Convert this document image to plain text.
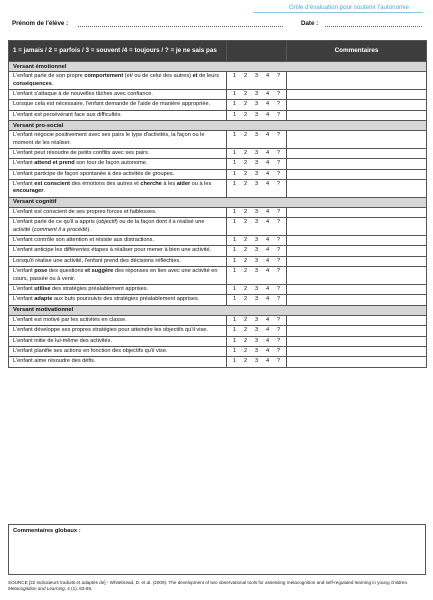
Grille d'évaluation pour soutenir l'autonomie
Prénom de l'élève :	Date :
1 = jamais / 2 = parfois / 3 = souvent /4 = toujours / ? = je ne sais pas		Commentaires
Versant émotionnel		
L'enfant parle de son propre comportement (et/ ou de celui des autres) et de leurs conséquences.	1 2 3 4 ?	

L'enfant s'attaque à de nouvelles tâches avec confiance.	1 2 3 4 ?	

Lorsque cela est nécessaire, l'enfant demande de l'aide de manière appropriée.	1 2 3 4 ?	

L'enfant est persévérant face aux difficultés.	1 2 3 4 ?	

Versant pro-social		
L'enfant négocie positivement avec ses pairs le type d'activités, la façon ou le moment de les réaliser.	1 2 3 4 ?	

L'enfant peut résoudre de petits conflits avec ses pairs.	1 2 3 4 ?	

L'enfant attend et prend son tour de façon autonome.	1 2 3 4 ?	

L'enfant participe de façon spontanée à des activités de groupes.	1 2 3 4 ?	

L'enfant est conscient des émotions des autres et cherche à les aider ou à les encourager.	1 2 3 4 ?	

Versant cognitif		
L'enfant est conscient de ses propres forces et faiblesses.	1 2 3 4 ?	

L'enfant parle de ce qu'il a appris (objectif) ou de la façon dont il a réalisé une activité (comment il a procédé).	1 2 3 4 ?	

L'enfant contrôle son attention et résiste aux distractions.	1 2 3 4 ?	

L'enfant anticipe les différentes étapes à réaliser pour mener à bien une activité.	1 2 3 4 ?	

Lorsqu'il réalise une activité, l'enfant prend des décisions réfléchies.	1 2 3 4 ?	

L'enfant pose des questions et suggère des réponses en lien avec une activité en cours, passée ou à venir.	1 2 3 4 ?	

L'enfant utilise des stratégies préalablement apprises.	1 2 3 4 ?	

L'enfant adapte aux buts poursuivis des stratégies préalablement apprises.	1 2 3 4 ?	

Versant motivationnel		
L'enfant est motivé par les activités en classe.	1 2 3 4 ?	

L'enfant développe ses propres stratégies pour atteindre les objectifs qu'il vise.	1 2 3 4 ?	

L'enfant initie de lui-même des activités.	1 2 3 4 ?	

L'enfant planifie ses actions en fonction des objectifs qu'il vise.	1 2 3 4 ?	

L'enfant aime résoudre des défis.	1 2 3 4 ?	

Commentaires globaux :
SOURCE [22 indicateurs traduits et adaptés de] - Whitebread, D. et al. (2009). The development of two observational tools for assessing metacognition and self-regulated learning in young children. Metacognition and Learning, 4 (1), 63-85.
